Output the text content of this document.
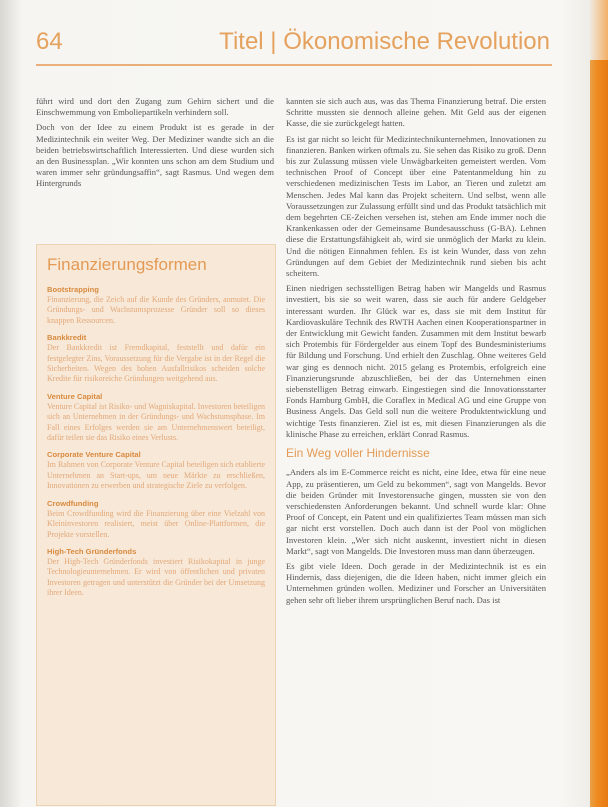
64	Titel | Ökonomische Revolution

führt wird und dort den Zugang zum Gehirn sichert und die Einschwemmung von Emboliepartikeln verhindern soll.

Doch von der Idee zu einem Produkt ist es gerade in der Medizintechnik ein weiter Weg. Der Mediziner wandte sich an die beiden betriebswirtschaftlich Interessierten. Und diese wurden sich an den Businessplan. „Wir konnten uns schon am dem Studium und waren immer sehr gründungsaffin“, sagt Rasmus. Und wegen dem Hintergrunds

Finanzierungsformen
Bootstrapping
Finanzierung, die Zeich auf die Kunde des Gründers, anmutet. Die Gründungs- und Wachstumsprozesse Gründer soll so dieses knappen Ressourcen.
Bankkredit
Der Bankkredit ist Fremdkapital, feststellt und dafür ein festgelegter Zins, Voraussetzung für die Vergabe ist in der Regel die Sicherheiten. Wegen des hohen Ausfallrisikos scheiden solche Kredite für risikoreiche Gründungen weitgehend aus.
Venture Capital
Venture Capital ist Risiko- und Wagniskapital. Investoren beteiligen sich an Unternehmen in der Gründungs- und Wachstumsphase. Im Fall eines Erfolges werden sie am Unternehmenswert beteiligt, dafür teilen sie das Risiko eines Verlusts.
Corporate Venture Capital
Im Rahmen von Corporate Venture Capital beteiligen sich etablierte Unternehmen an Start-ups, um neue Märkte zu erschließen, Innovationen zu erwerben und strategische Ziele zu verfolgen.
Crowdfunding
Beim Crowdfunding wird die Finanzierung über eine Vielzahl von Kleininvestoren realisiert, meist über Online-Plattformen, die Projekte vorstellen.
High-Tech Gründerfonds
Der High-Tech Gründerfonds investiert Risikokapital in junge Technologieunternehmen. Er wird von öffentlichen und privaten Investoren getragen und unterstützt die Gründer bei der Umsetzung ihrer Ideen.

kannten sie sich auch aus, was das Thema Finanzierung betraf. Die ersten Schritte mussten sie dennoch alleine gehen. Mit Geld aus der eigenen Kasse, die sie zurückgelegt hatten.

Es ist gar nicht so leicht für Medizintechnikunternehmen, Innovationen zu finanzieren. Banken wirken oftmals zu. Sie sehen das Risiko zu groß. Denn bis zur Zulassung müssen viele Unwägbarkeiten gemeistert werden. Vom technischen Proof of Concept über eine Patentanmeldung hin zu verschiedenen medizinischen Tests im Labor, an Tieren und zuletzt am Menschen. Jedes Mal kann das Projekt scheitern. Und selbst, wenn alle Voraussetzungen zur Zulassung erfüllt sind und das Produkt tatsächlich mit dem begehrten CE-Zeichen versehen ist, stehen am Ende immer noch die Krankenkassen oder der Gemeinsame Bundesausschuss (G-BA). Lehnen diese die Erstattungsfähigkeit ab, wird sie unmöglich der Markt zu klein. Und die nötigen Einnahmen fehlen. Es ist kein Wunder, dass von zehn Gründungen auf dem Gebiet der Medizintechnik rund sieben bis acht scheitern.

Einen niedrigen sechsstelligen Betrag haben wir Mangelds und Rasmus investiert, bis sie so weit waren, dass sie auch für andere Geldgeber interessant wurden. Ihr Glück war es, dass sie mit dem Institut für Kardiovaskuläre Technik des RWTH Aachen einen Kooperationspartner in der Entwicklung mit Gewicht fanden. Zusammen mit dem Institut bewarb sich Protembis für Fördergelder aus einem Topf des Bundesministeriums für Bildung und Forschung. Und erhielt den Zuschlag. Ohne weiteres Geld war ging es dennoch nicht. 2015 gelang es Protembis, erfolgreich eine Finanzierungsrunde abzuschließen, bei der das Unternehmen einen siebenstelligen Betrag einwarb. Eingestiegen sind die Innovationsstarter Fonds Hamburg GmbH, die Coraflex in Medical AG und eine Gruppe von Business Angels. Das Geld soll nun die weitere Produktentwicklung und wichtige Tests finanzieren. Ziel ist es, mit diesen Finanzierungen als die klinische Phase zu erreichen, erklärt Conrad Rasmus.

Ein Weg voller Hindernisse

„Anders als im E-Commerce reicht es nicht, eine Idee, etwa für eine neue App, zu präsentieren, um Geld zu bekommen“, sagt von Mangelds. Bevor die beiden Gründer mit Investorensuche gingen, mussten sie von den verschiedensten Anforderungen bekannt. Und schnell wurde klar: Ohne Proof of Concept, ein Patent und ein qualifiziertes Team müssen man sich gar nicht erst vorstellen. Doch auch dann ist der Pool von möglichen Investoren klein. „Wer sich nicht auskennt, investiert nicht in diesen Markt“, sagt von Mangelds. Die Investoren muss man dann überzeugen.

Es gibt viele Ideen. Doch gerade in der Medizintechnik ist es ein Hindernis, dass diejenigen, die die Ideen haben, nicht immer gleich ein Unternehmen gründen wollen. Mediziner und Forscher an Universitäten gehen sehr oft lieber ihrem ursprünglichen Beruf nach. Das ist
